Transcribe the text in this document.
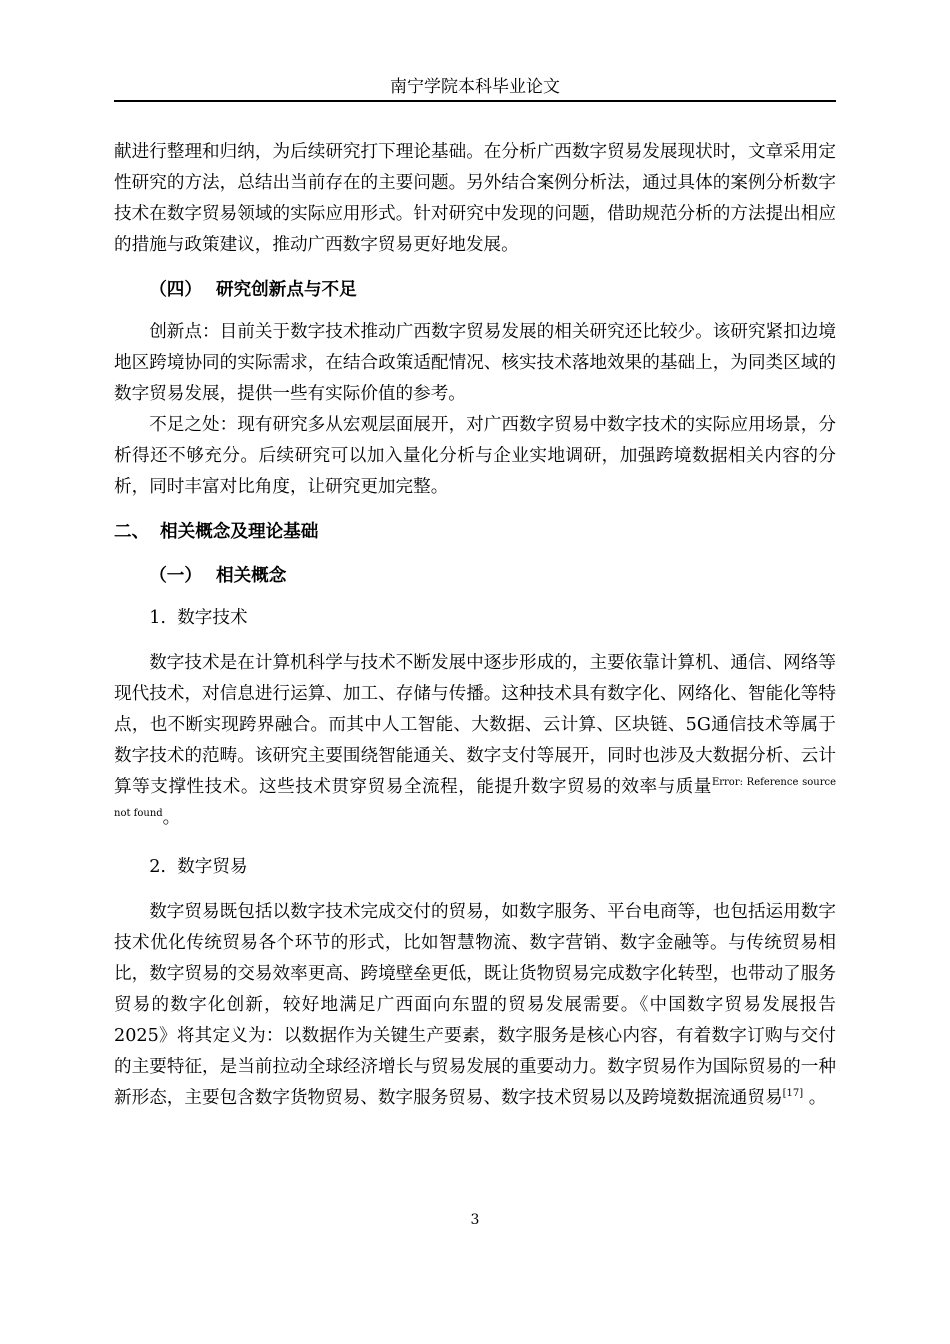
南宁学院本科毕业论文

献进行整理和归纳，为后续研究打下理论基础。在分析广西数字贸易发展现状时，文章采用定性研究的方法，总结出当前存在的主要问题。另外结合案例分析法，通过具体的案例分析数字技术在数字贸易领域的实际应用形式。针对研究中发现的问题，借助规范分析的方法提出相应的措施与政策建议，推动广西数字贸易更好地发展。

（四） 研究创新点与不足

创新点：目前关于数字技术推动广西数字贸易发展的相关研究还比较少。该研究紧扣边境地区跨境协同的实际需求，在结合政策适配情况、核实技术落地效果的基础上，为同类区域的数字贸易发展，提供一些有实际价值的参考。

不足之处：现有研究多从宏观层面展开，对广西数字贸易中数字技术的实际应用场景，分析得还不够充分。后续研究可以加入量化分析与企业实地调研，加强跨境数据相关内容的分析，同时丰富对比角度，让研究更加完整。

二、 相关概念及理论基础
（一） 相关概念
1. 数字技术

数字技术是在计算机科学与技术不断发展中逐步形成的，主要依靠计算机、通信、网络等现代技术，对信息进行运算、加工、存储与传播。这种技术具有数字化、网络化、智能化等特点，也不断实现跨界融合。而其中人工智能、大数据、云计算、区块链、5G通信技术等属于数字技术的范畴。该研究主要围绕智能通关、数字支付等展开，同时也涉及大数据分析、云计算等支撑性技术。这些技术贯穿贸易全流程，能提升数字贸易的效率与质量$^{Error: Reference source not found}$。

2. 数字贸易

数字贸易既包括以数字技术完成交付的贸易，如数字服务、平台电商等，也包括运用数字技术优化传统贸易各个环节的形式，比如智慧物流、数字营销、数字金融等。与传统贸易相比，数字贸易的交易效率更高、跨境壁垒更低，既让货物贸易完成数字化转型，也带动了服务贸易的数字化创新，较好地满足广西面向东盟的贸易发展需要。《中国数字贸易发展报告 2025》将其定义为：以数据作为关键生产要素，数字服务是核心内容，有着数字订购与交付的主要特征，是当前拉动全球经济增长与贸易发展的重要动力。数字贸易作为国际贸易的一种新形态，主要包含数字货物贸易、数字服务贸易、数字技术贸易以及跨境数据流通贸易[17] 。

3
